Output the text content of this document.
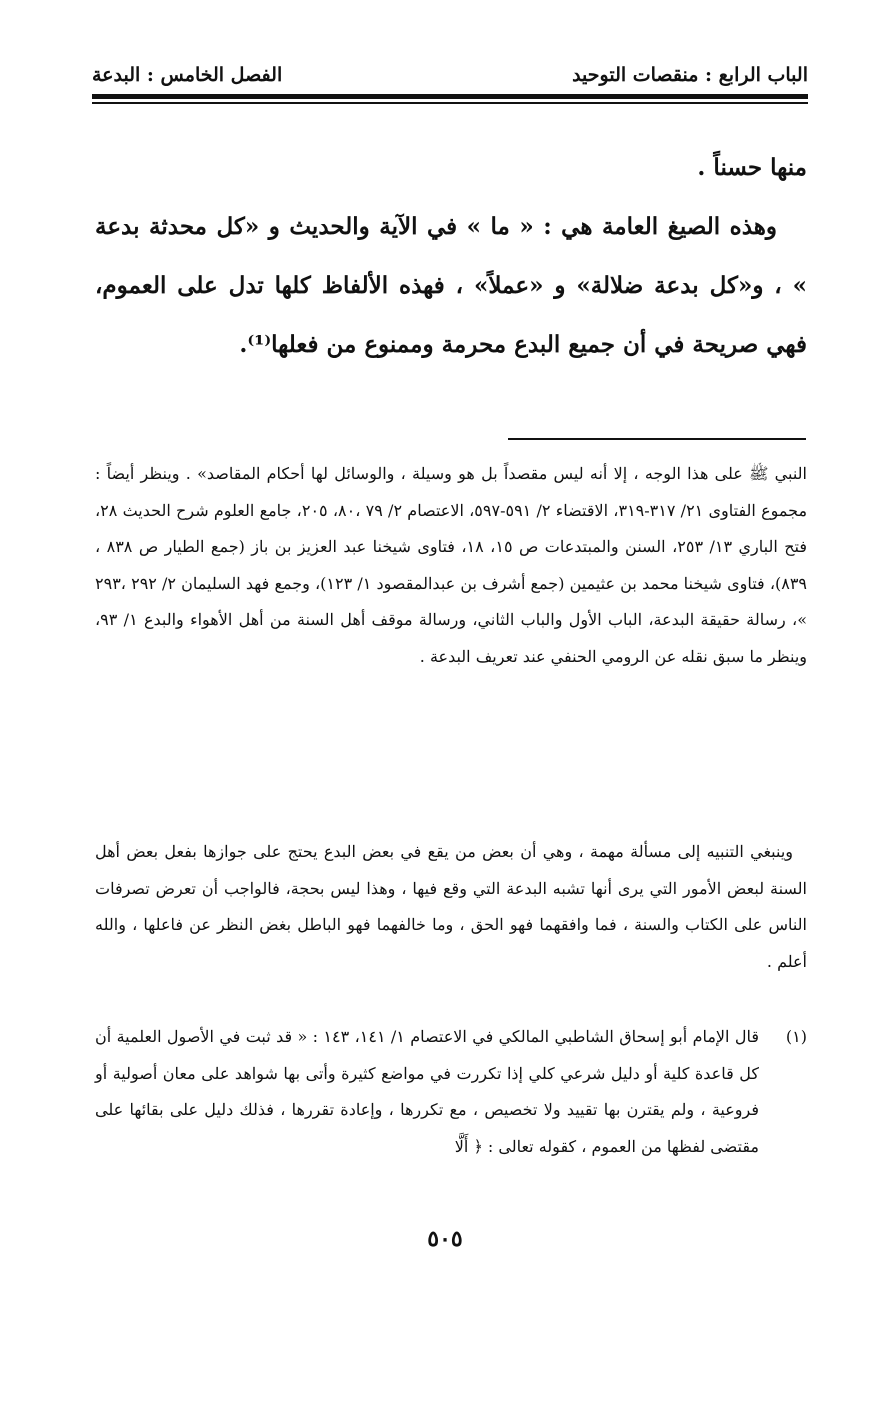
الباب الرابع : منقصات التوحيد
الفصل الخامس : البدعة
منها حسناً .
وهذه الصيغ العامة هي : « ما » في الآية والحديث و «كل محدثة بدعة » ، و«كل بدعة ضلالة» و «عملاً» ، فهذه الألفاظ كلها تدل على العموم، فهي صريحة في أن جميع البدع محرمة وممنوع من فعلها⁽¹⁾.
النبي ﷺ على هذا الوجه ، إلا أنه ليس مقصداً بل هو وسيلة ، والوسائل لها أحكام المقاصد» . وينظر أيضاً : مجموع الفتاوى ٢١/ ٣١٧-٣١٩، الاقتضاء ٢/ ٥٩١-٥٩٧، الاعتصام ٢/ ٧٩ ،٨٠، ٢٠٥، جامع العلوم شرح الحديث ٢٨، فتح الباري ١٣/ ٢٥٣، السنن والمبتدعات ص ١٥، ١٨، فتاوى شيخنا عبد العزيز بن باز (جمع الطيار ص ٨٣٨ ، ٨٣٩)، فتاوى شيخنا محمد بن عثيمين (جمع أشرف بن عبدالمقصود ١/ ١٢٣)، وجمع فهد السليمان ٢/ ٢٩٢ ،٢٩٣ »، رسالة حقيقة البدعة، الباب الأول والباب الثاني، ورسالة موقف أهل السنة من أهل الأهواء والبدع ١/ ٩٣، وينظر ما سبق نقله عن الرومي الحنفي عند تعريف البدعة .
وينبغي التنبيه إلى مسألة مهمة ، وهي أن بعض من يقع في بعض البدع يحتج على جوازها بفعل بعض أهل السنة لبعض الأمور التي يرى أنها تشبه البدعة التي وقع فيها ، وهذا ليس بحجة، فالواجب أن تعرض تصرفات الناس على الكتاب والسنة ، فما وافقهما فهو الحق ، وما خالفهما فهو الباطل بغض النظر عن فاعلها ، والله أعلم .
(١)
قال الإمام أبو إسحاق الشاطبي المالكي في الاعتصام ١/ ١٤١، ١٤٣ : « قد ثبت في الأصول العلمية أن كل قاعدة كلية أو دليل شرعي كلي إذا تكررت في مواضع كثيرة وأتى بها شواهد على معان أصولية أو فروعية ، ولم يقترن بها تقييد ولا تخصيص ، مع تكررها ، وإعادة تقررها ، فذلك دليل على بقائها على مقتضى لفظها من العموم ، كقوله تعالى : ﴿ أَلَّا
٥٠٥
